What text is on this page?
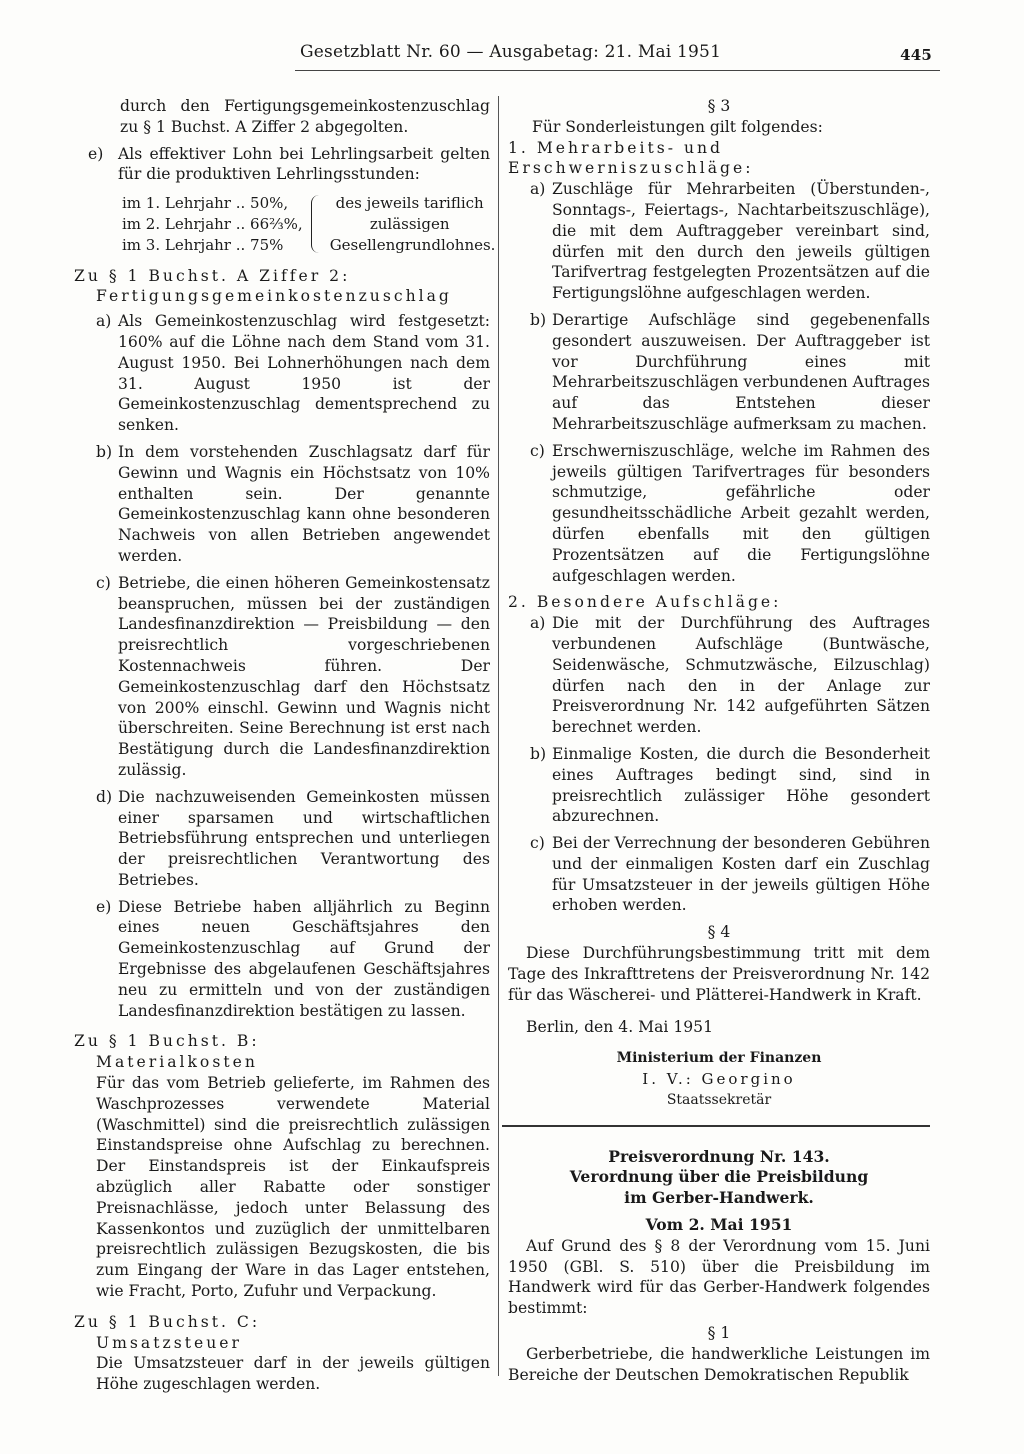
Gesetzblatt Nr. 60 — Ausgabetag: 21. Mai 1951	445

durch den Fertigungsgemeinkostenzuschlag zu § 1 Buchst. A Ziffer 2 abgegolten.

e) Als effektiver Lohn bei Lehrlingsarbeit gelten für die produktiven Lehrlingsstunden:
im 1. Lehrjahr .. 50%,
im 2. Lehrjahr .. 66⅔%,
im 3. Lehrjahr .. 75%
des jeweils tariflich zulässigen Gesellengrundlohnes.
Zu § 1 Buchst. A Ziffer 2:
Fertigungsgemeinkostenzuschlag
a) Als Gemeinkostenzuschlag wird festgesetzt: 160% auf die Löhne nach dem Stand vom 31. August 1950. Bei Lohnerhöhungen nach dem 31. August 1950 ist der Gemeinkostenzuschlag dementsprechend zu senken.
b) In dem vorstehenden Zuschlagsatz darf für Gewinn und Wagnis ein Höchstsatz von 10% enthalten sein. Der genannte Gemeinkostenzuschlag kann ohne besonderen Nachweis von allen Betrieben angewendet werden.
c) Betriebe, die einen höheren Gemeinkostensatz beanspruchen, müssen bei der zuständigen Landesfinanzdirektion — Preisbildung — den preisrechtlich vorgeschriebenen Kostennachweis führen. Der Gemeinkostenzuschlag darf den Höchstsatz von 200% einschl. Gewinn und Wagnis nicht überschreiten. Seine Berechnung ist erst nach Bestätigung durch die Landesfinanzdirektion zulässig.
d) Die nachzuweisenden Gemeinkosten müssen einer sparsamen und wirtschaftlichen Betriebsführung entsprechen und unterliegen der preisrechtlichen Verantwortung des Betriebes.
e) Diese Betriebe haben alljährlich zu Beginn eines neuen Geschäftsjahres den Gemeinkostenzuschlag auf Grund der Ergebnisse des abgelaufenen Geschäftsjahres neu zu ermitteln und von der zuständigen Landesfinanzdirektion bestätigen zu lassen.
Zu § 1 Buchst. B:
Materialkosten

Für das vom Betrieb gelieferte, im Rahmen des Waschprozesses verwendete Material (Waschmittel) sind die preisrechtlich zulässigen Einstandspreise ohne Aufschlag zu berechnen. Der Einstandspreis ist der Einkaufspreis abzüglich aller Rabatte oder sonstiger Preisnachlässe, jedoch unter Belassung des Kassenkontos und zuzüglich der unmittelbaren preisrechtlich zulässigen Bezugskosten, die bis zum Eingang der Ware in das Lager entstehen, wie Fracht, Porto, Zufuhr und Verpackung.

Zu § 1 Buchst. C:
Umsatzsteuer

Die Umsatzsteuer darf in der jeweils gültigen Höhe zugeschlagen werden.

§ 3

Für Sonderleistungen gilt folgendes:

1. Mehrarbeits- und Erschwerniszuschläge:
a) Zuschläge für Mehrarbeiten (Überstunden-, Sonntags-, Feiertags-, Nachtarbeitszuschläge), die mit dem Auftraggeber vereinbart sind, dürfen mit den durch den jeweils gültigen Tarifvertrag festgelegten Prozentsätzen auf die Fertigungslöhne aufgeschlagen werden.
b) Derartige Aufschläge sind gegebenenfalls gesondert auszuweisen. Der Auftraggeber ist vor Durchführung eines mit Mehrarbeitszuschlägen verbundenen Auftrages auf das Entstehen dieser Mehrarbeitszuschläge aufmerksam zu machen.
c) Erschwerniszuschläge, welche im Rahmen des jeweils gültigen Tarifvertrages für besonders schmutzige, gefährliche oder gesundheitsschädliche Arbeit gezahlt werden, dürfen ebenfalls mit den gültigen Prozentsätzen auf die Fertigungslöhne aufgeschlagen werden.
2. Besondere Aufschläge:
a) Die mit der Durchführung des Auftrages verbundenen Aufschläge (Buntwäsche, Seidenwäsche, Schmutzwäsche, Eilzuschlag) dürfen nach den in der Anlage zur Preisverordnung Nr. 142 aufgeführten Sätzen berechnet werden.
b) Einmalige Kosten, die durch die Besonderheit eines Auftrages bedingt sind, sind in preisrechtlich zulässiger Höhe gesondert abzurechnen.
c) Bei der Verrechnung der besonderen Gebühren und der einmaligen Kosten darf ein Zuschlag für Umsatzsteuer in der jeweils gültigen Höhe erhoben werden.
§ 4

Diese Durchführungsbestimmung tritt mit dem Tage des Inkrafttretens der Preisverordnung Nr. 142 für das Wäscherei- und Plätterei-Handwerk in Kraft.

Berlin, den 4. Mai 1951

Ministerium der Finanzen
I. V.: Georgino
Staatssekretär
Preisverordnung Nr. 143.
Verordnung über die Preisbildung
im Gerber-Handwerk.
Vom 2. Mai 1951

Auf Grund des § 8 der Verordnung vom 15. Juni 1950 (GBl. S. 510) über die Preisbildung im Handwerk wird für das Gerber-Handwerk folgendes bestimmt:

§ 1

Gerberbetriebe, die handwerkliche Leistungen im Bereiche der Deutschen Demokratischen Republik
